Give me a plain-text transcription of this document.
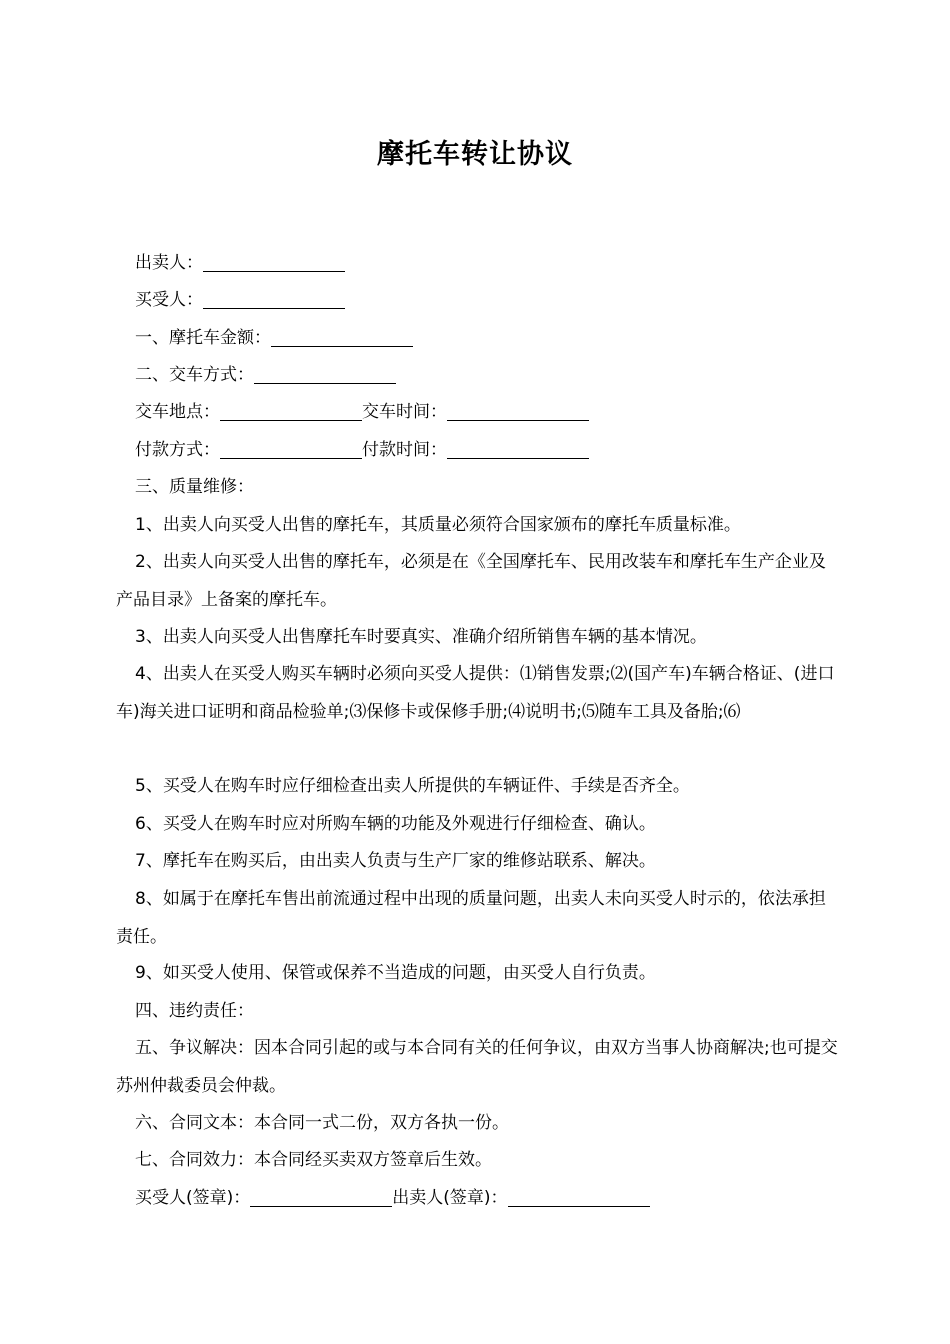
摩托车转让协议
出卖人：
买受人：
一、摩托车金额：
二、交车方式：
交车地点：	交车时间：
付款方式：	付款时间：
三、质量维修：
1、出卖人向买受人出售的摩托车，其质量必须符合国家颁布的摩托车质量标准。
2、出卖人向买受人出售的摩托车，必须是在《全国摩托车、民用改装车和摩托车生产企业及产品目录》上备案的摩托车。
3、出卖人向买受人出售摩托车时要真实、准确介绍所销售车辆的基本情况。
4、出卖人在买受人购买车辆时必须向买受人提供：⑴销售发票;⑵(国产车)车辆合格证、(进口车)海关进口证明和商品检验单;⑶保修卡或保修手册;⑷说明书;⑸随车工具及备胎;⑹
5、买受人在购车时应仔细检查出卖人所提供的车辆证件、手续是否齐全。
6、买受人在购车时应对所购车辆的功能及外观进行仔细检查、确认。
7、摩托车在购买后，由出卖人负责与生产厂家的维修站联系、解决。
8、如属于在摩托车售出前流通过程中出现的质量问题，出卖人未向买受人时示的，依法承担责任。
9、如买受人使用、保管或保养不当造成的问题，由买受人自行负责。
四、违约责任：
五、争议解决：因本合同引起的或与本合同有关的任何争议，由双方当事人协商解决;也可提交苏州仲裁委员会仲裁。
六、合同文本：本合同一式二份，双方各执一份。
七、合同效力：本合同经买卖双方签章后生效。
买受人(签章)：	出卖人(签章)：
